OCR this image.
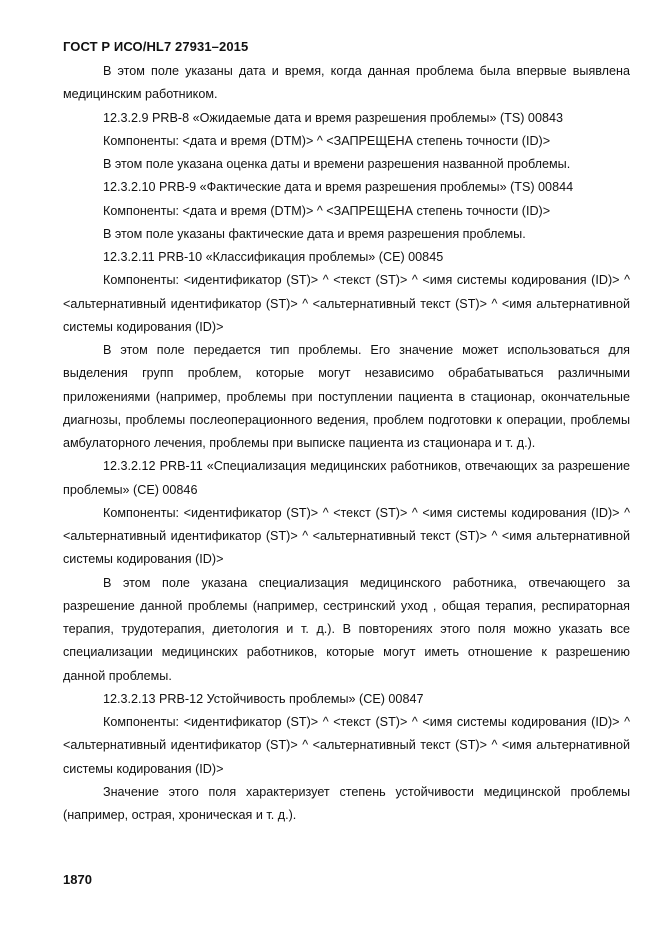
ГОСТ Р ИСО/HL7 27931–2015

В этом поле указаны дата и время, когда данная проблема была впервые выявлена медицинским работником.

12.3.2.9 PRB-8 «Ожидаемые дата и время разрешения проблемы» (TS) 00843

Компоненты: <дата и время (DTM)> ^ <ЗАПРЕЩЕНА степень точности (ID)>

В этом поле указана оценка даты и времени разрешения названной проблемы.

12.3.2.10 PRB-9 «Фактические дата и время разрешения проблемы» (TS) 00844

Компоненты: <дата и время (DTM)> ^ <ЗАПРЕЩЕНА степень точности (ID)>

В этом поле указаны фактические дата и время разрешения проблемы.

12.3.2.11 PRB-10 «Классификация проблемы» (CE) 00845

Компоненты: <идентификатор (ST)> ^ <текст (ST)> ^ <имя системы кодирования (ID)> ^ <альтернативный идентификатор (ST)> ^ <альтернативный текст (ST)> ^ <имя альтернативной системы кодирования (ID)>

В этом поле передается тип проблемы. Его значение может использоваться для выделения групп проблем, которые могут независимо обрабатываться различными приложениями (например, проблемы при поступлении пациента в стационар, окончательные диагнозы, проблемы послеоперационного ведения, проблем подготовки к операции, проблемы амбулаторного лечения, проблемы при выписке пациента из стационара и т. д.).

12.3.2.12 PRB-11 «Специализация медицинских работников, отвечающих за разрешение проблемы» (CE) 00846

Компоненты: <идентификатор (ST)> ^ <текст (ST)> ^ <имя системы кодирования (ID)> ^ <альтернативный идентификатор (ST)> ^ <альтернативный текст (ST)> ^ <имя альтернативной системы кодирования (ID)>

В этом поле указана специализация медицинского работника, отвечающего за разрешение данной проблемы (например, сестринский уход , общая терапия, респираторная терапия, трудотерапия, диетология и т. д.). В повторениях этого поля можно указать все специализации медицинских работников, которые могут иметь отношение к разрешению данной проблемы.

12.3.2.13 PRB-12 Устойчивость проблемы» (CE) 00847

Компоненты: <идентификатор (ST)> ^ <текст (ST)> ^ <имя системы кодирования (ID)> ^ <альтернативный идентификатор (ST)> ^ <альтернативный текст (ST)> ^ <имя альтернативной системы кодирования (ID)>

Значение этого поля характеризует степень устойчивости медицинской проблемы (например, острая, хроническая и т. д.).

1870
